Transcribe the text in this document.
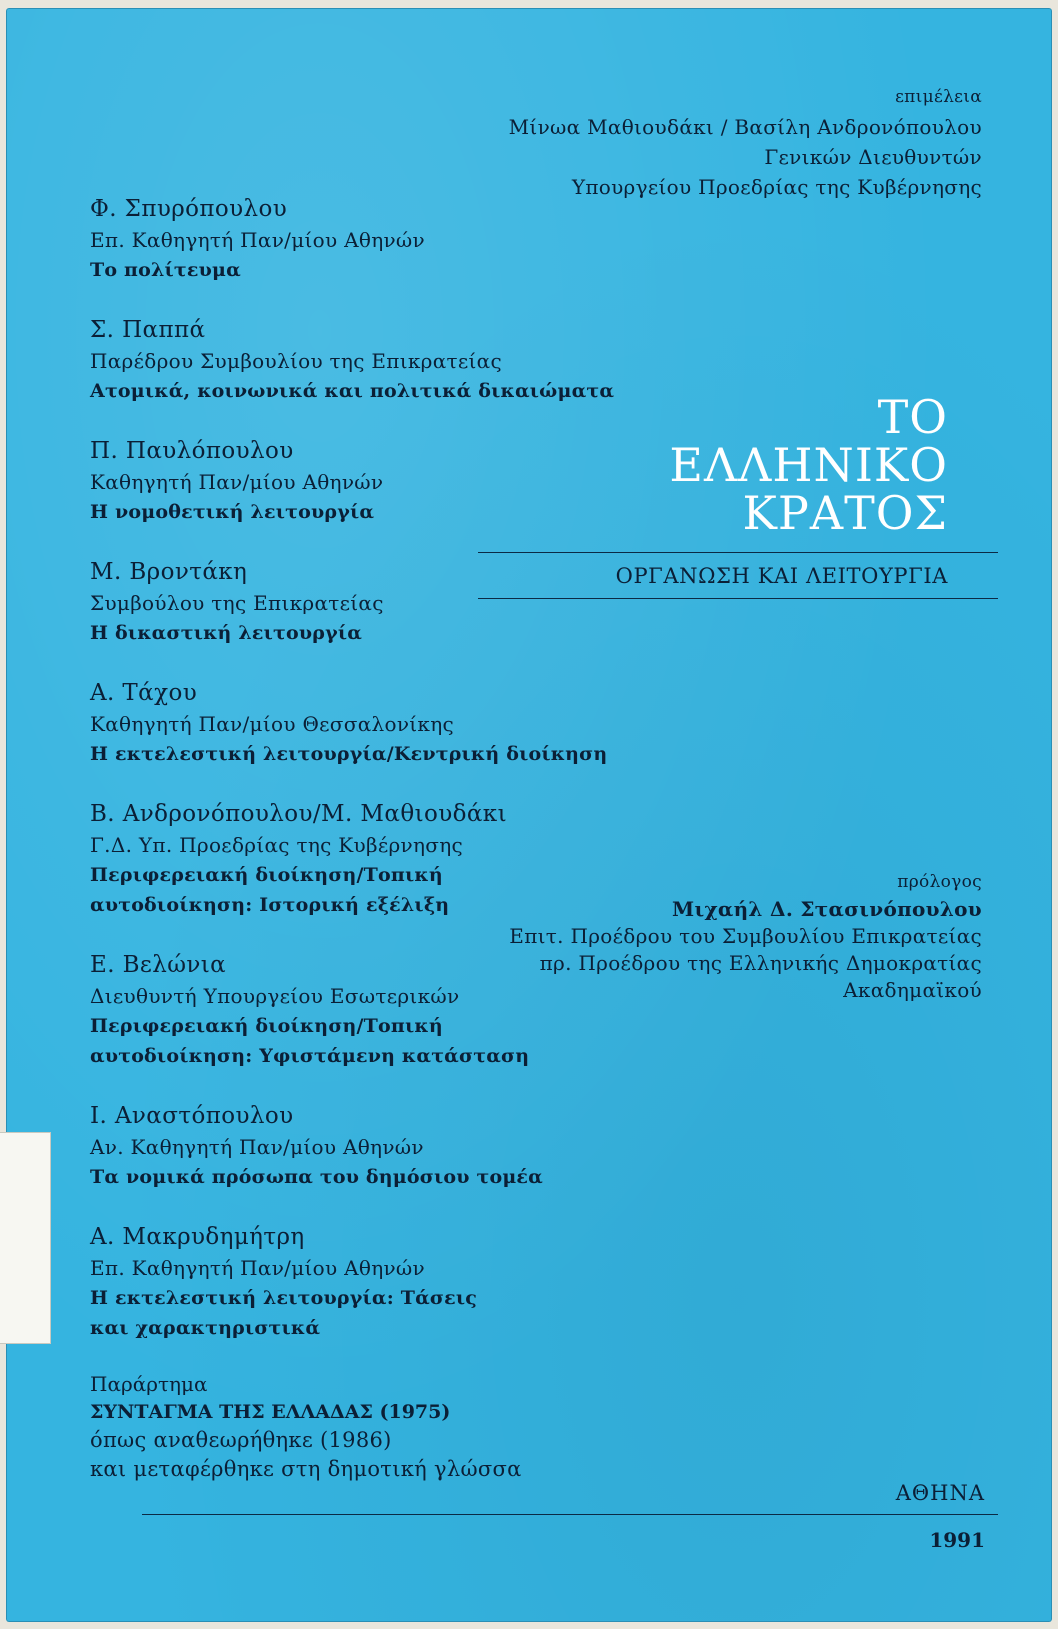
επιμέλεια
Μίνωα Μαθιουδάκι / Βασίλη Ανδρονόπουλου
Γενικών Διευθυντών
Υπουργείου Προεδρίας της Κυβέρνησης
Φ. Σπυρόπουλου
Επ. Καθηγητή Παν/μίου Αθηνών
Το πολίτευμα
Σ. Παππά
Παρέδρου Συμβουλίου της Επικρατείας
Ατομικά, κοινωνικά και πολιτικά δικαιώματα
Π. Παυλόπουλου
Καθηγητή Παν/μίου Αθηνών
Η νομοθετική λειτουργία
Μ. Βροντάκη
Συμβούλου της Επικρατείας
Η δικαστική λειτουργία
Α. Τάχου
Καθηγητή Παν/μίου Θεσσαλονίκης
Η εκτελεστική λειτουργία/Κεντρική διοίκηση
Β. Ανδρονόπουλου/Μ. Μαθιουδάκι
Γ.Δ. Υπ. Προεδρίας της Κυβέρνησης
Περιφερειακή διοίκηση/Τοπική
αυτοδιοίκηση: Ιστορική εξέλιξη
Ε. Βελώνια
Διευθυντή Υπουργείου Εσωτερικών
Περιφερειακή διοίκηση/Τοπική
αυτοδιοίκηση: Υφιστάμενη κατάσταση
Ι. Αναστόπουλου
Αν. Καθηγητή Παν/μίου Αθηνών
Τα νομικά πρόσωπα του δημόσιου τομέα
Α. Μακρυδημήτρη
Επ. Καθηγητή Παν/μίου Αθηνών
Η εκτελεστική λειτουργία: Τάσεις
και χαρακτηριστικά
ΤΟ
ΕΛΛΗΝΙΚΟ
ΚΡΑΤΟΣ
ΟΡΓΑΝΩΣΗ ΚΑΙ ΛΕΙΤΟΥΡΓΙΑ
πρόλογος
Μιχαήλ Δ. Στασινόπουλου
Επιτ. Προέδρου του Συμβουλίου Επικρατείας
πρ. Προέδρου της Ελληνικής Δημοκρατίας
Ακαδημαϊκού
Παράρτημα
ΣΥΝΤΑΓΜΑ ΤΗΣ ΕΛΛΑΔΑΣ (1975)
όπως αναθεωρήθηκε (1986)
και μεταφέρθηκε στη δημοτική γλώσσα
ΑΘΗΝΑ
1991
